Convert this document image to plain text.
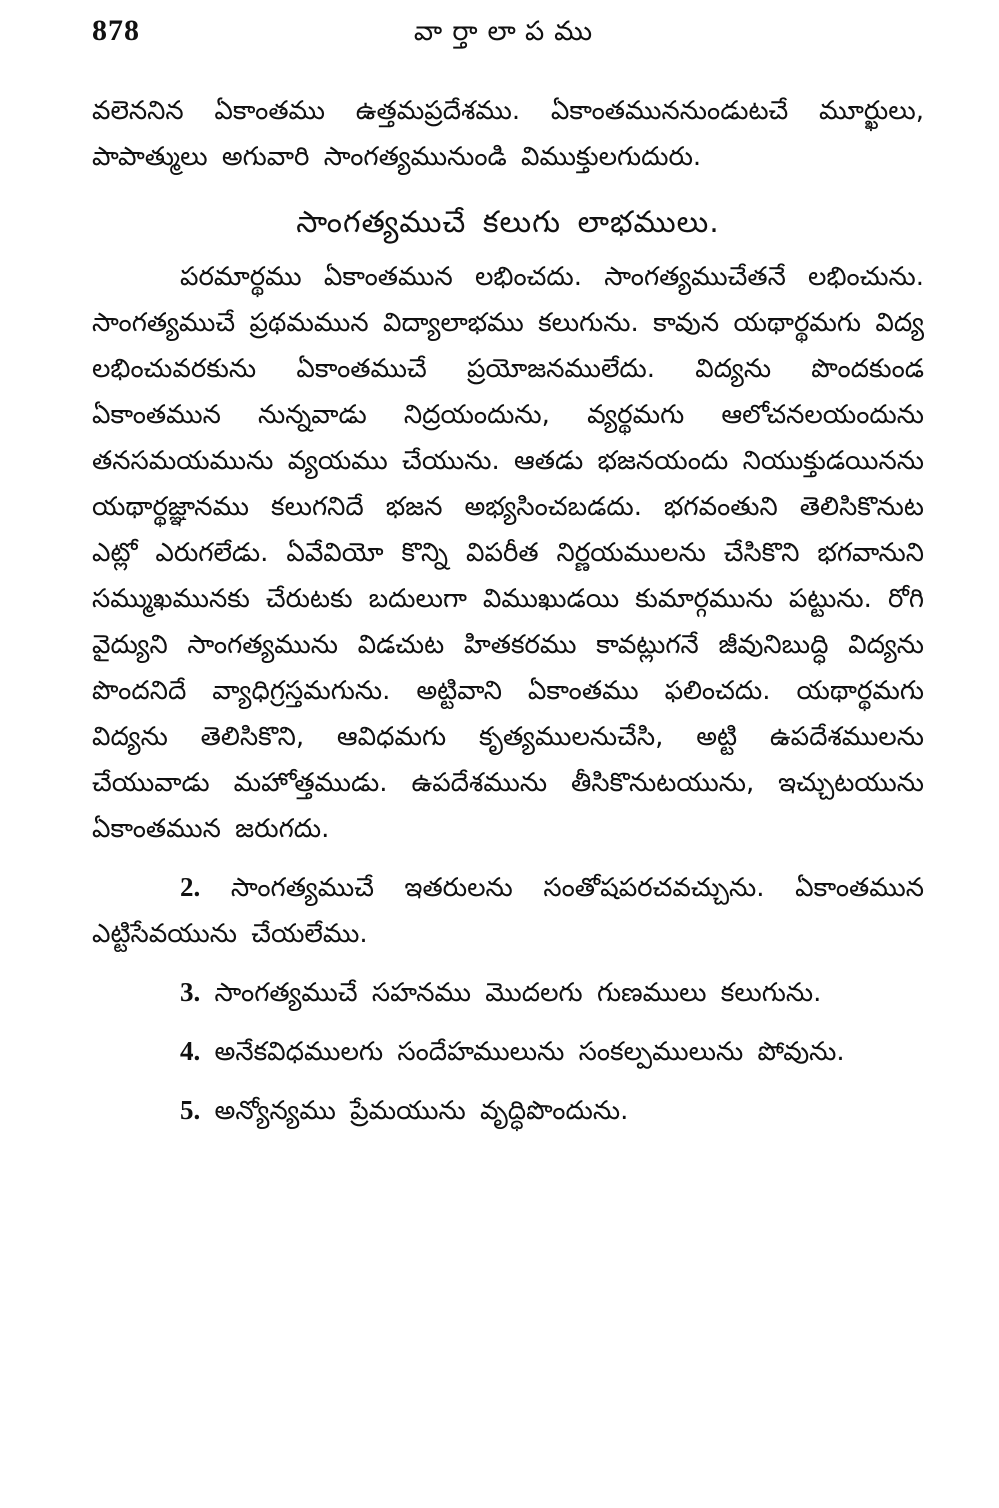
878	వార్తాలాపము

వలెననిన ఏకాంతము ఉత్తమప్రదేశము. ఏకాంతముననుండుటచే మూర్ఖులు, పాపాత్ములు అగువారి సాంగత్యమునుండి విముక్తులగుదురు.

సాంగత్యముచే కలుగు లాభములు.

పరమార్థము ఏకాంతమున లభించదు. సాంగత్యముచేతనే లభించును. సాంగత్యముచే ప్రథమమున విద్యాలాభము కలుగును. కావున యథార్థమగు విద్య లభించువరకును ఏకాంతముచే ప్రయోజనములేదు. విద్యను పొందకుండ ఏకాంతమున నున్నవాడు నిద్రయందును, వ్యర్థమగు ఆలోచనలయందును తనసమయమును వ్యయము చేయును. ఆతడు భజనయందు నియుక్తుడయినను యథార్థజ్ఞానము కలుగనిదే భజన అభ్యసించబడదు. భగవంతుని తెలిసికొనుట ఎట్లో ఎరుగలేడు. ఏవేవియో కొన్ని విపరీత నిర్ణయములను చేసికొని భగవానుని సమ్ముఖమునకు చేరుటకు బదులుగా విముఖుడయి కుమార్గమును పట్టును. రోగి వైద్యుని సాంగత్యమును విడచుట హితకరము కావట్లుగనే జీవునిబుద్ధి విద్యను పొందనిదే వ్యాధిగ్రస్తమగును. అట్టివాని ఏకాంతము ఫలించదు. యథార్థమగు విద్యను తెలిసికొని, ఆవిధమగు కృత్యములనుచేసి, అట్టి ఉపదేశములను చేయువాడు మహోత్తముడు. ఉపదేశమును తీసికొనుటయును, ఇచ్చుటయును ఏకాంతమున జరుగదు.

2. సాంగత్యముచే ఇతరులను సంతోషపరచవచ్చును. ఏకాంతమున ఎట్టిసేవయును చేయలేము.

3. సాంగత్యముచే సహనము మొదలగు గుణములు కలుగును.

4. అనేకవిధములగు సందేహములును సంకల్పములును పోవును.

5. అన్యోన్యము ప్రేమయును వృద్ధిపొందును.
